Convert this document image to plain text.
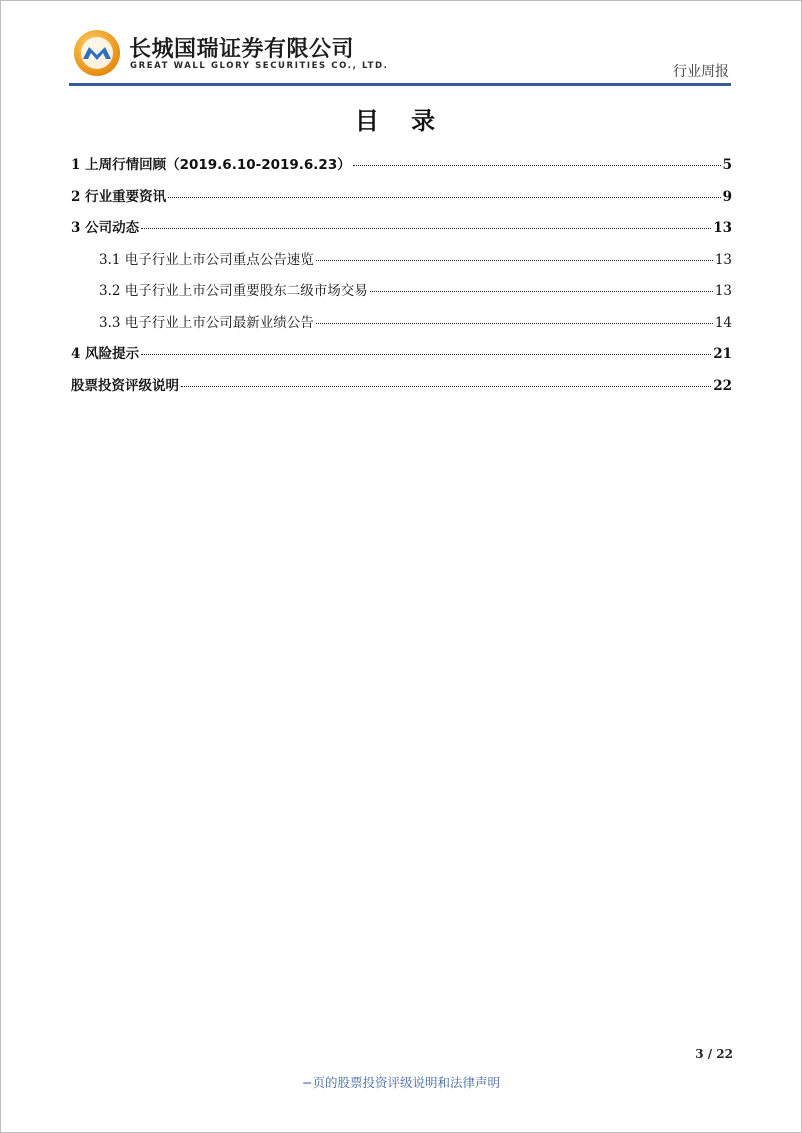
长城国瑞证券有限公司
GREAT WALL GLORY SECURITIES CO., LTD.	行业周报
目 录
1 上周行情回顾（2019.6.10-2019.6.23）	5
2 行业重要资讯	9
3 公司动态	13
3.1 电子行业上市公司重点公告速览	13
3.2 电子行业上市公司重要股东二级市场交易	13
3.3 电子行业上市公司最新业绩公告	14
4 风险提示	21
股票投资评级说明	22
3 / 22
−页的股票投资评级说明和法律声明
